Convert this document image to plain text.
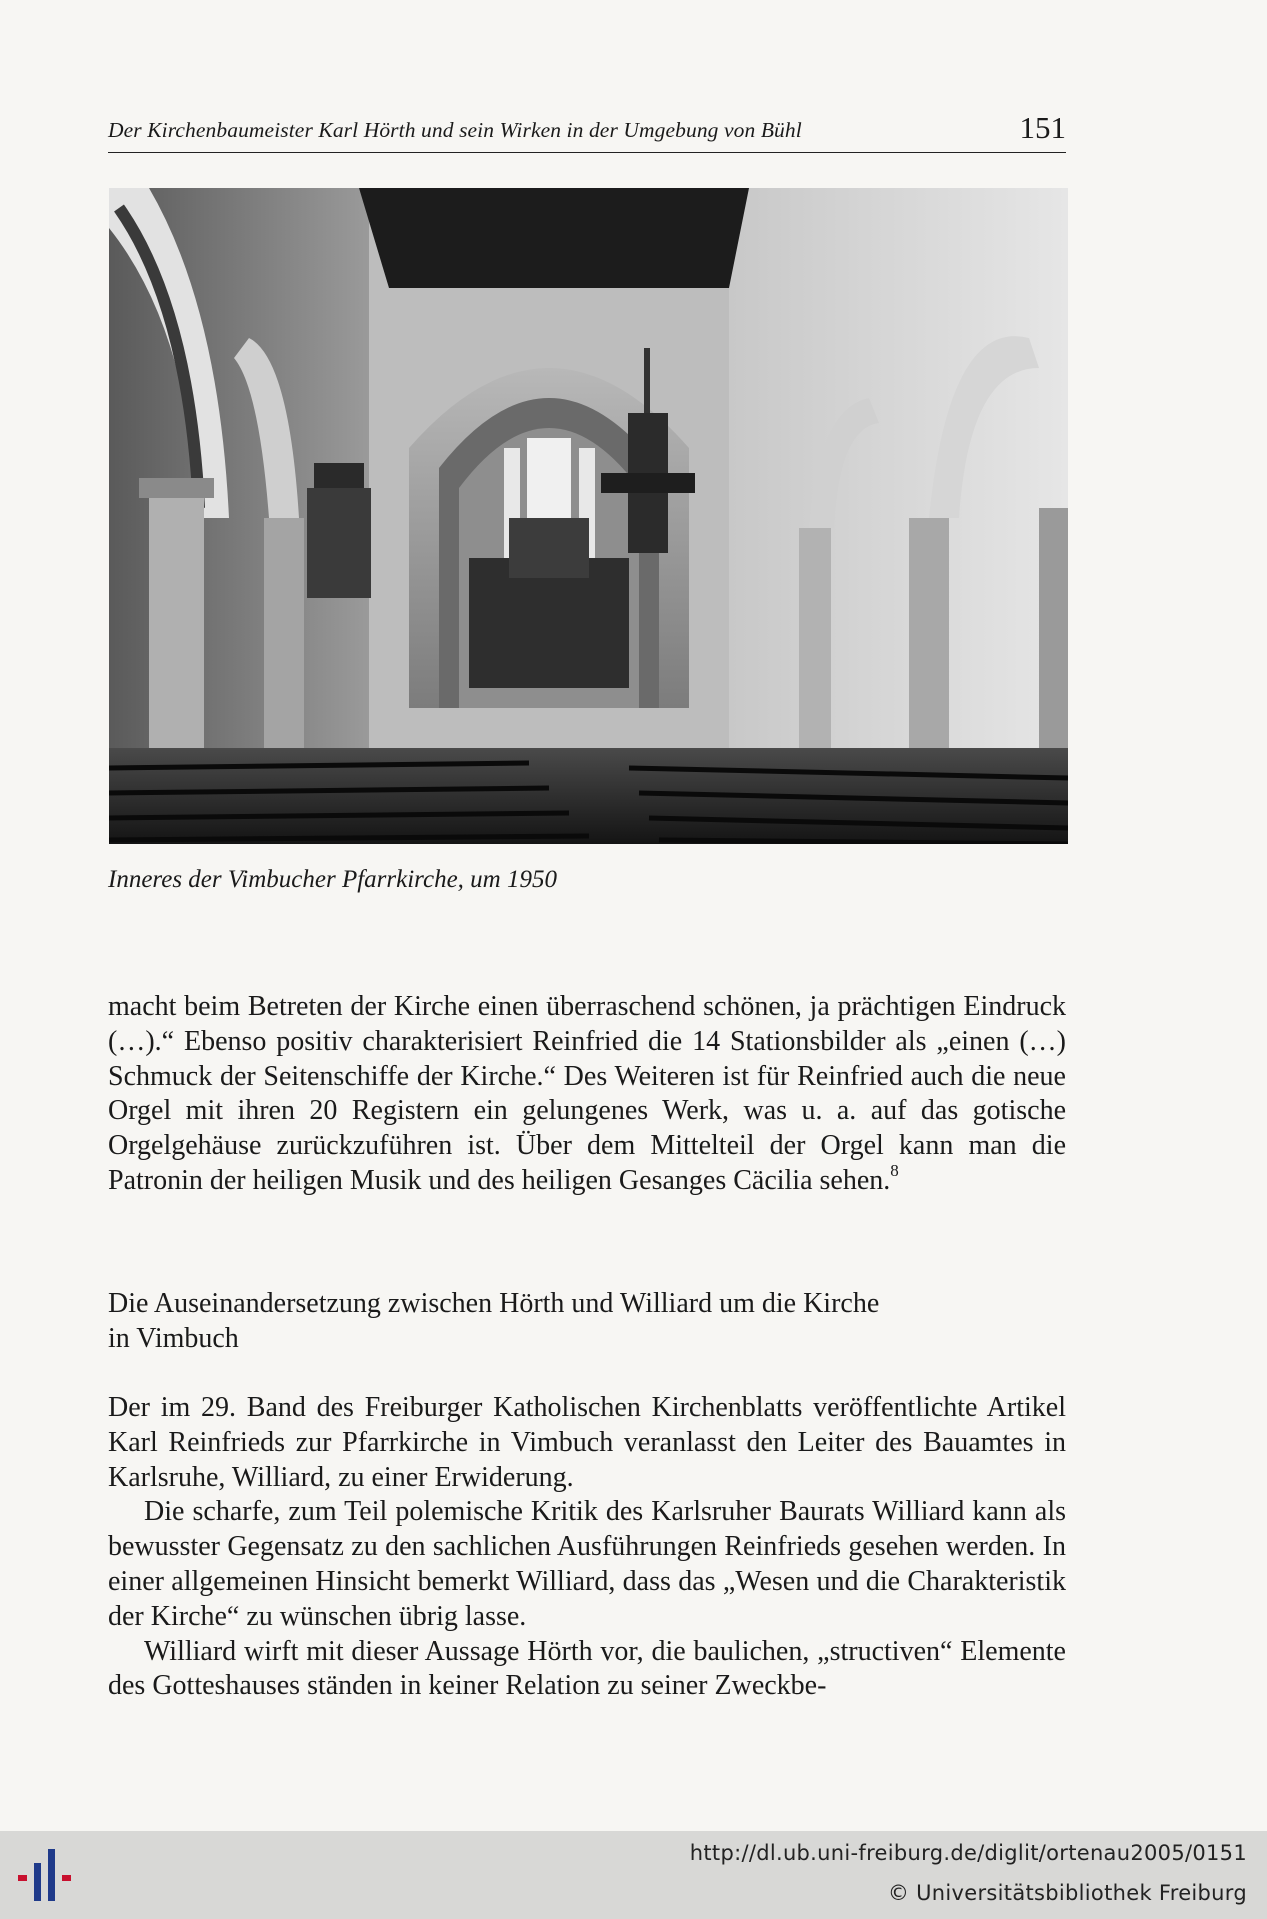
Der Kirchenbaumeister Karl Hörth und sein Wirken in der Umgebung von Bühl	151
Inneres der Vimbucher Pfarrkirche, um 1950

macht beim Betreten der Kirche einen überraschend schönen, ja prächtigen Eindruck (…).“ Ebenso positiv charakterisiert Reinfried die 14 Stationsbilder als „einen (…) Schmuck der Seitenschiffe der Kirche.“ Des Weiteren ist für Reinfried auch die neue Orgel mit ihren 20 Registern ein gelungenes Werk, was u. a. auf das gotische Orgelgehäuse zurückzuführen ist. Über dem Mittelteil der Orgel kann man die Patronin der heiligen Musik und des heiligen Gesanges Cäcilia sehen.$^8$

Die Auseinandersetzung zwischen Hörth und Williard um die Kirche
in Vimbuch

Der im 29. Band des Freiburger Katholischen Kirchenblatts veröffentlichte Artikel Karl Reinfrieds zur Pfarrkirche in Vimbuch veranlasst den Leiter des Bauamtes in Karlsruhe, Williard, zu einer Erwiderung.

Die scharfe, zum Teil polemische Kritik des Karlsruher Baurats Williard kann als bewusster Gegensatz zu den sachlichen Ausführungen Reinfrieds gesehen werden. In einer allgemeinen Hinsicht bemerkt Williard, dass das „Wesen und die Charakteristik der Kirche“ zu wünschen übrig lasse.

Williard wirft mit dieser Aussage Hörth vor, die baulichen, „structiven“ Elemente des Gotteshauses ständen in keiner Relation zu seiner Zweckbe-

http://dl.ub.uni-freiburg.de/diglit/ortenau2005/0151
© Universitätsbibliothek Freiburg
